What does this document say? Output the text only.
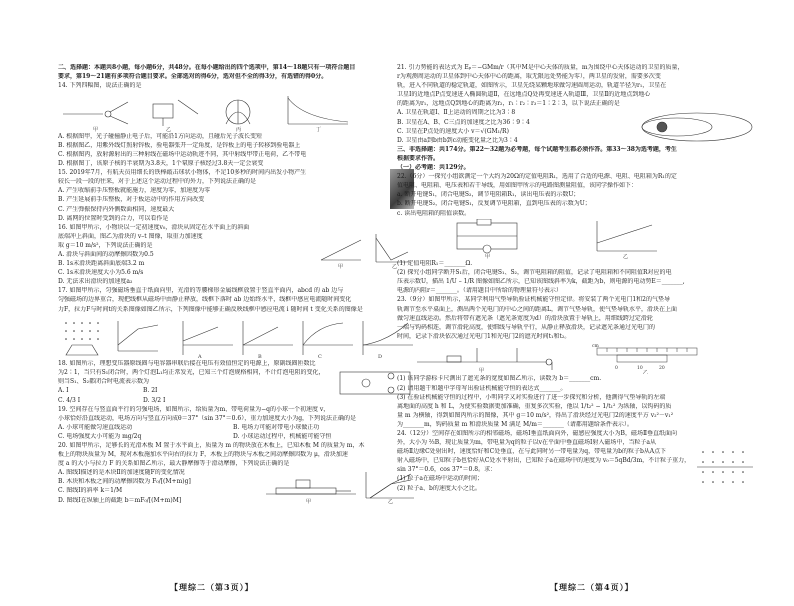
二、选择题：本题共8小题，每小题6分，共48分。在每小题给出的四个选项中，第14～18题只有一项符合题目
要求，第19～21题有多项符合题目要求。全部选对的得6分，选对但不全的得3分，有选错的得0分。
14. 下列四幅图，说法正确的是
甲	乙	丙	丁
A. 根据图甲，光子碰撞静止电子后，可能沿1方向运动，且碰后光子波长变短
B. 根据图乙，用紫外线灯照射锌板，验电器张开一定角度，是锌板上的电子转移到验电器上
C. 根据图丙，放射源射出的三种射线在磁场中运动轨迹不同，其中射线甲带正电荷，乙不带电
D. 根据图丁，该原子核的半衰期为3.8天，1个氡原子核经过3.8天一定会衰变
15. 2019年7月，有航天员用细长的铁棒敲击球状小物体，不足10多秒的时间内出发小物产生
较长一段一段的往来，对于上述这个运动过程中的外力，下列说法正确的是
A. 产生收缩前手压整板就能施力，速度为零，加速度为零
B. 产生延展前手压整板，对于板运动中的作用方向改变
C. 产生弹振保持内外侧数面相同，速度最大
D. 离网的位置时受到的合力，可以看作是
16. 如图甲所示，小物块以一定初速度v₀，滑块从固定在水平面上的斜面
底端冲上斜面，图乙为滑块的 v–t 图像，取重力加速度
取 g＝10 m/s²，下列说法正确的是
A. 滑块与斜面间的动摩擦因数为0.5
B. 1s末滑块距离斜面底端3.2 m
C. 1s末滑块速度大小为5.6 m/s
D. 无法求出滑块的加速度a₂
甲	乙
17. 如图甲所示，匀强磁场垂直于纸面向里，光滑的等腰梯形金属线框放置于竖直平面内，abcd 的 ab 边与
匀强磁场的边界重合，现把线框从磁场中由静止释放，线框下落时 ab 边始终水平，线框中感应电流随时间变化
力F，拉力F与时间t的关系图像如图乙所示，下列图像中能够正确反映线框中感应电流 i 随时间 t 变化关系的图像是
A	B	C	D
18. 如图所示，理想变压器原线圈与电容器串联后接在电压有效值恒定的电源上，原副线圈匝数比
为2∶1，当只有S₁闭合时，两个灯泡L₁均正常发光，已知三个灯泡规格相同，不计灯泡电阻的变化，
则当S₁、S₂都闭合时电流表示数为
A. I	B. 2I
C. 4/3 I	D. 3/2 I
19. 空间存在与竖直面平行的匀强电场，如图所示，给质量为m、带电荷量为−q的小球一个初速度 v，
小球恰好沿直线运动，电场方向与竖直方向成θ＝37°（sin 37°＝0.6），重力加速度大小为g，下列说法正确的是
A. 小球可能做匀速直线运动	B. 电场力可能对带电小球做正功
C. 电场强度大小可能为 mg/2q	D. 小球运动过程中，机械能可能守恒
20. 如图甲所示，足够长的光滑木板 M 置于水平面上，质量为 m 的物块放在木板上，已知木板 M 的质量为 m，木
板上的物块质量为 M，现对木板施加水平向右的拉力 F，木板上的物块与木板之间动摩擦因数为 μ，滑块加速
度 a 的大小与拉力 F 的关系如图乙所示，最大静摩擦等于滑动摩擦，下列说法正确的是
A. 图线Ⅰ描述的是木块Ⅱ的加速度随F的变化情况
B. 木块和木板之间的动摩擦因数为 F₀/[(M+m)g]
C. 图线Ⅰ的斜率 k＝1/M
D. 图线Ⅰ在纵轴上的截距 b＝mF₀/[(M+m)M]	甲	乙
21. 引力势能的表达式为 Eₚ＝−GMm/r（其中M是中心天体的质量，m为围绕中心天体运动的卫星的质量，
r为观测周运动的卫星体到中心天体中心的距离，取无限远处势能为零），两卫星的发射，需要多次变
轨，进入不同轨道的稳定轨道，如图所示，卫星先绕某颗地球做匀速圆周运动，轨道半径为r₁，卫星在
卫星Ⅰ的近地点P点变速进入椭圆轨道Ⅱ，在远地点Q处再变速进入轨道Ⅲ，卫星Ⅱ的近地点到地心
的距离为r₁，远地点Q到地心的距离为r₂，r₁∶r₂∶r₃＝1∶2∶3，以下说法正确的是
A. 卫星在轨道Ⅰ、Ⅱ上运动的周期之比为3∶8
B. 卫星在A、B、C三点的加速度之比为36∶9∶4
C. 卫星在P点处的速度大小 v＝√(GM₁/R)
D. 卫星由a到b由b到c动能变化量之比为3∶4
三、非选择题：共174分。第22～32题为必考题，每个试题考生都必须作答。第33～38为选考题，考生
根据要求作答。
（一）必考题：共129分。
22.（6分）一探究小组欲测定一个大约为20Ω的定值电阻R₁，选用了合适的电源、电阻、电阻箱为R₁的定
值电阻、电阻箱、电压表和若干导线，用如图甲所示的电路图测量阻值，该同学操作如下：
a. 断开电键S₁，闭合电键S₂，调节电阻箱R₁，读出电压表的示数U；
b. 断开电键S₂，闭合电键S₁，反复调节电阻箱，直到电压表的示数为U；
c. 读出电阻箱的阻值读数。
甲	乙
(1) 定值电阻R₁＝_______Ω.
(2) 探究小组同学断开S₁后，闭合电键S₁、S₂，调节电阻箱的阻值，记录了电阻箱和不同阻值R对应的电
压表示数U，描出 1/U – 1/R 图像如图乙所示，已知该图线斜率为k，截距为b，则电源的电动势E＝_______,
电源的内阻r＝_______。（请用题目中所给的物理量符号表示）
23.（9分）如图甲所示，某同学利用气垫导轨验证机械能守恒定律。将安装了两个光电门1和2的气垫导
轨调节至水平桌面上，测出两个光电门的中心之间的距离L，调节气垫导轨，使气垫导轨水平，滑块在上面
做匀速直线运动。然后将带有遮光条（遮光条宽度为d）的滑块放置于导轨上，用细线跨过定滑轮
一端与钩码相连，调节滑轮高度，使细线与导轨平行，从静止释放滑块，记录遮光条通过光电门的
时间，记录下滑块依次通过光电门1和光电门2的遮光时间t₁和t₂。
甲
cm
0	10	20
乙
(1) 该同学游标卡尺测出了遮光条的宽度如图乙所示，读数为 b＝_______cm.
(2) 请用题干和题中字母写出验证机械能守恒的表达式_______。
(3) 在验证机械能守恒的过程中，小明同学又对实验进行了进一步探究和分析，他测得气垫导轨的左端
离地面的高度 h 和 L，为使实验数据更加准确，重复多次实验，他以 1/t₂² − 1/t₁² 为纵轴，以钩码的质
量 m 为横轴，得到如图丙所示的图像，其中 g＝10 m/s²，得出了滑块经过光电门2的速度平方 v₂²－v₁²
为_______m，钩码质量 m 和滑块质量 M 满足 M/m＝_______（请都用题给条件表示）。
24.（12分）空间存在如图所示的相邻磁场，磁场Ⅰ垂直纸面向外，磁感应强度大小为B，磁场Ⅱ垂直纸面向
外，大小为 ⅔B，现让质量为m，带电量为q的粒子以v在平面中垂直磁场Ⅰ射入磁场中，当粒子a从
磁场Ⅱ边缘C处射出时，速度恰好和C处垂直，在与此同时另一带电量为q，带电量为b的粒子b从A点下
射入磁场中，已知粒子b也恰好从C处水平射出，已知粒子a在磁场中的速度为 v₀＝5qBd/3m，不计粒子重力，
sin 37°＝0.6，cos 37°＝0.8。求：
(1) 粒子a在磁场中运动的时间；
(2) 粒子a、b的速度大小之比。
【理综二（第3页）】	【理综二（第4页）】
